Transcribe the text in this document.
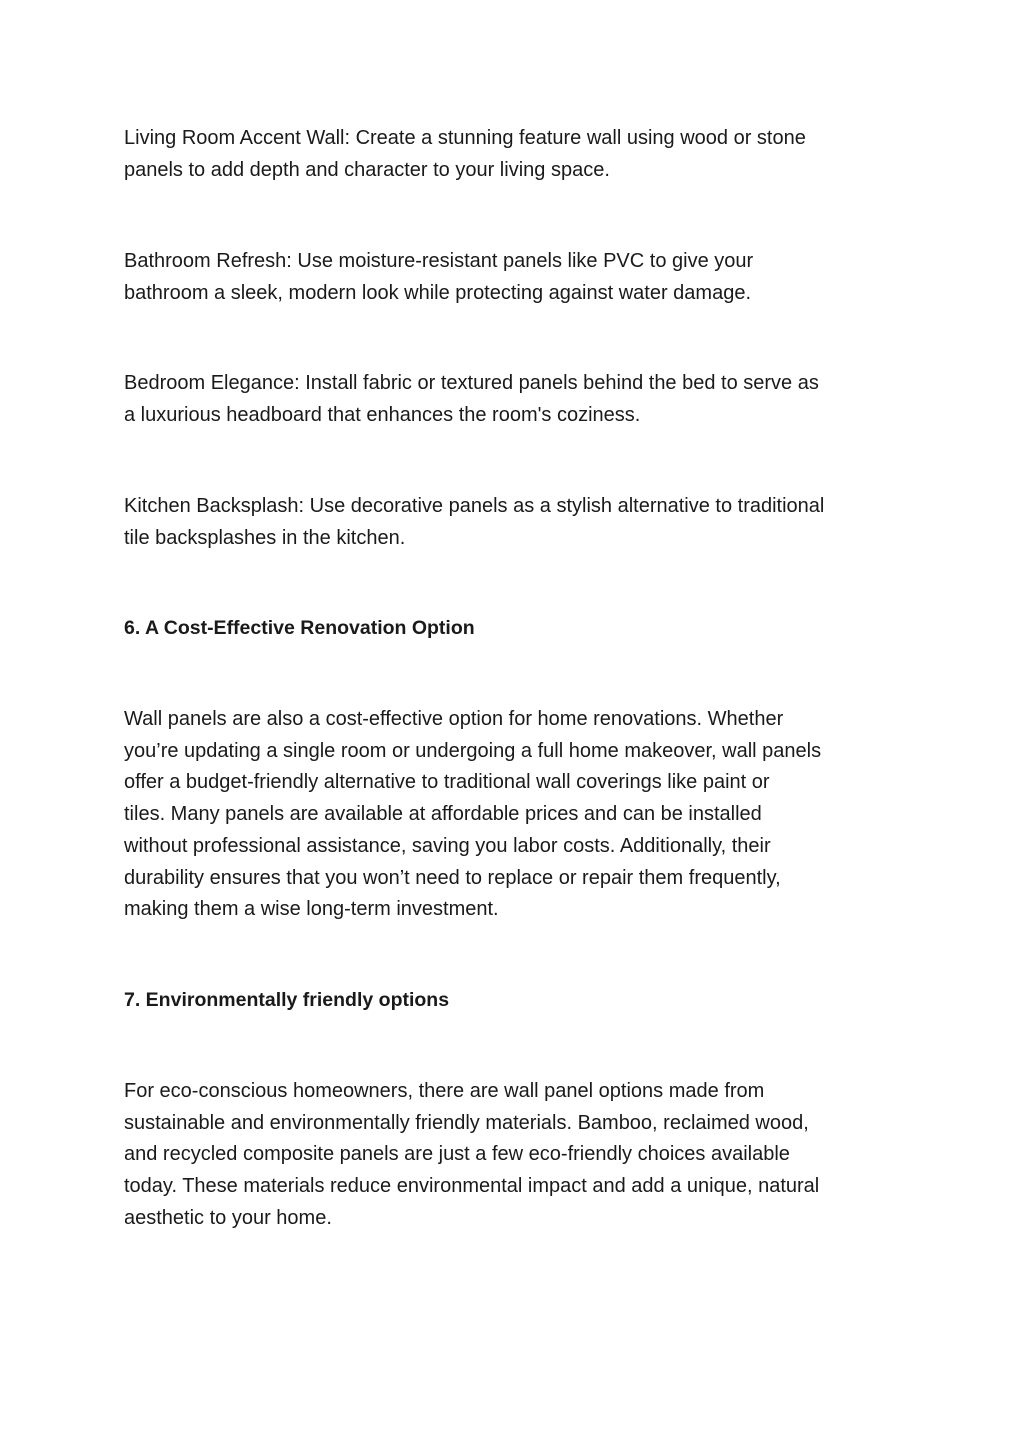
Living Room Accent Wall: Create a stunning feature wall using wood or stone
panels to add depth and character to your living space.

Bathroom Refresh: Use moisture-resistant panels like PVC to give your
bathroom a sleek, modern look while protecting against water damage.

Bedroom Elegance: Install fabric or textured panels behind the bed to serve as
a luxurious headboard that enhances the room's coziness.

Kitchen Backsplash: Use decorative panels as a stylish alternative to traditional
tile backsplashes in the kitchen.

6. A Cost-Effective Renovation Option

Wall panels are also a cost-effective option for home renovations. Whether
you’re updating a single room or undergoing a full home makeover, wall panels
offer a budget-friendly alternative to traditional wall coverings like paint or
tiles. Many panels are available at affordable prices and can be installed
without professional assistance, saving you labor costs. Additionally, their
durability ensures that you won’t need to replace or repair them frequently,
making them a wise long-term investment.

7. Environmentally friendly options

For eco-conscious homeowners, there are wall panel options made from
sustainable and environmentally friendly materials. Bamboo, reclaimed wood,
and recycled composite panels are just a few eco-friendly choices available
today. These materials reduce environmental impact and add a unique, natural
aesthetic to your home.
